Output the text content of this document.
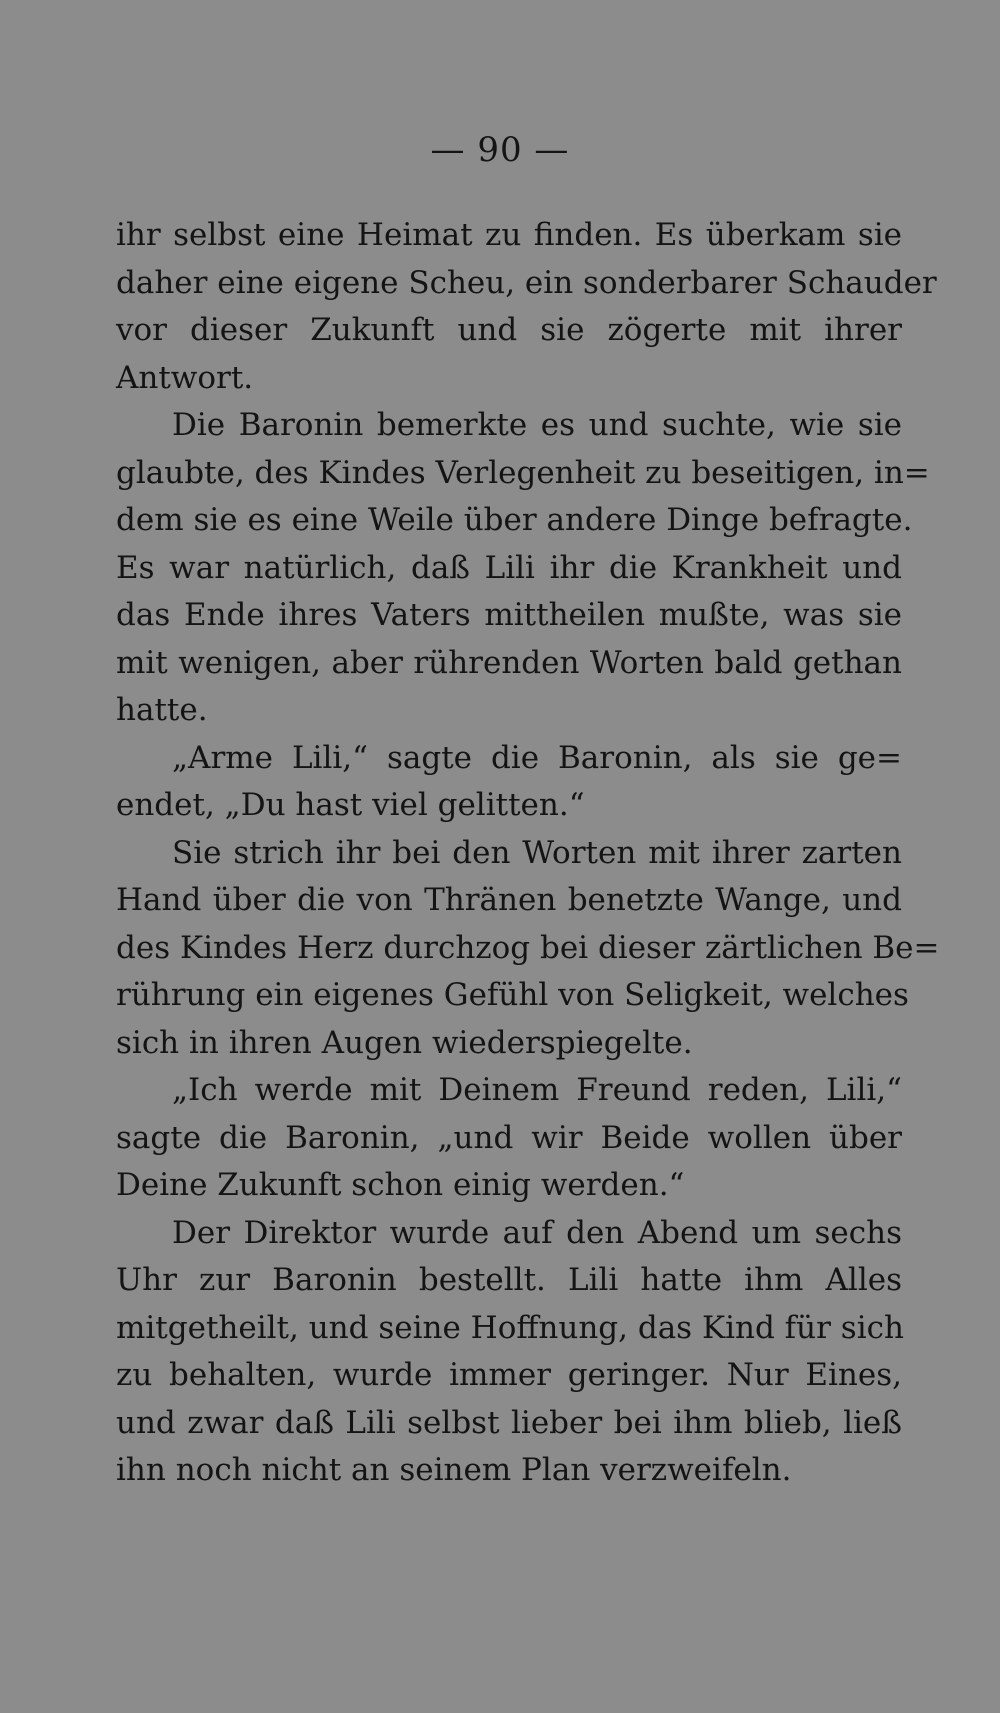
— 90 —
ihr selbst eine Heimat zu finden. Es überkam sie
daher eine eigene Scheu, ein sonderbarer Schauder
vor dieser Zukunft und sie zögerte mit ihrer
Antwort.
Die Baronin bemerkte es und suchte, wie sie
glaubte, des Kindes Verlegenheit zu beseitigen, in=
dem sie es eine Weile über andere Dinge befragte.
Es war natürlich, daß Lili ihr die Krankheit und
das Ende ihres Vaters mittheilen mußte, was sie
mit wenigen, aber rührenden Worten bald gethan
hatte.
„Arme Lili,“ sagte die Baronin, als sie ge=
endet, „Du hast viel gelitten.“
Sie strich ihr bei den Worten mit ihrer zarten
Hand über die von Thränen benetzte Wange, und
des Kindes Herz durchzog bei dieser zärtlichen Be=
rührung ein eigenes Gefühl von Seligkeit, welches
sich in ihren Augen wiederspiegelte.
„Ich werde mit Deinem Freund reden, Lili,“
sagte die Baronin, „und wir Beide wollen über
Deine Zukunft schon einig werden.“
Der Direktor wurde auf den Abend um sechs
Uhr zur Baronin bestellt. Lili hatte ihm Alles
mitgetheilt, und seine Hoffnung, das Kind für sich
zu behalten, wurde immer geringer. Nur Eines,
und zwar daß Lili selbst lieber bei ihm blieb, ließ
ihn noch nicht an seinem Plan verzweifeln.
